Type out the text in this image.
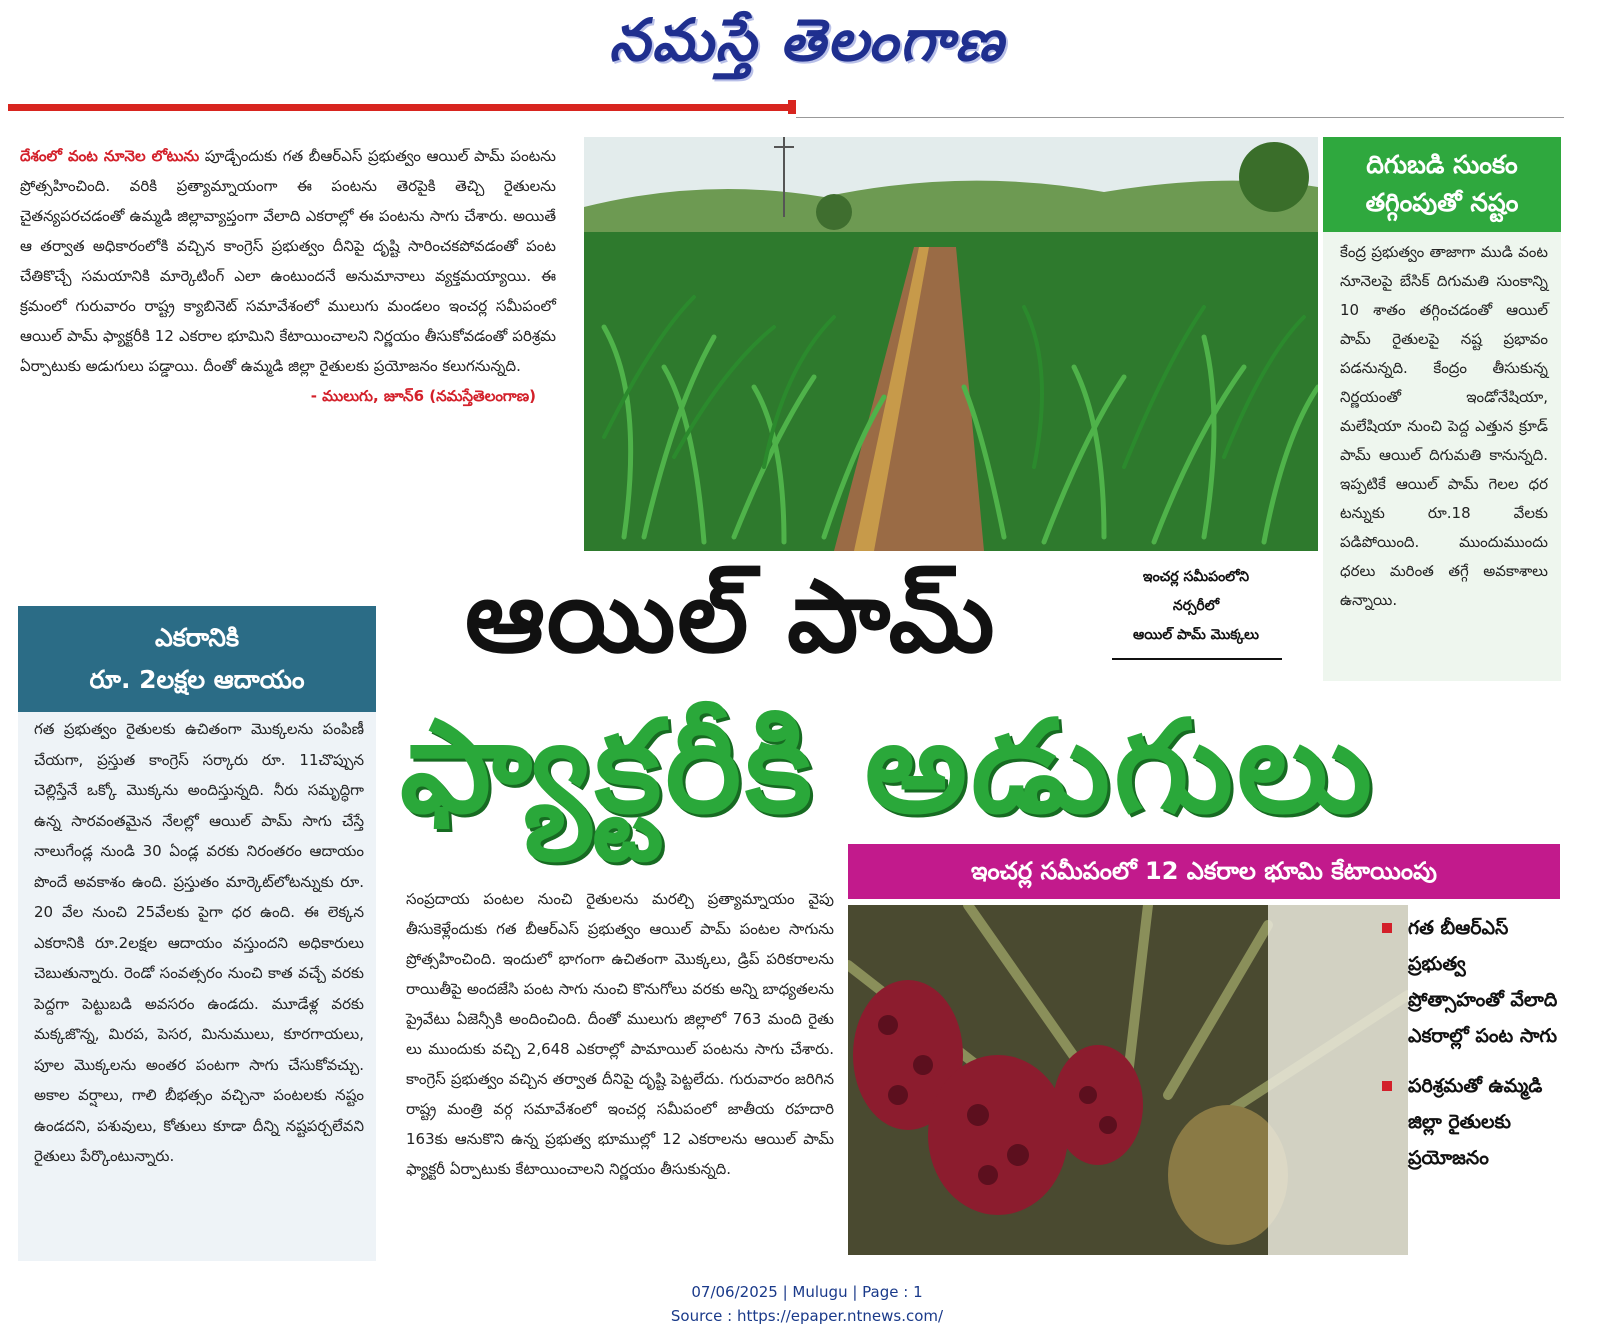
నమస్తే తెలంగాణ
దేశంలో వంట నూనెల లోటును పూడ్చేందుకు గత బీఆర్‌ఎస్ ప్రభుత్వం ఆయిల్ పామ్ పంటను ప్రోత్సహించింది. వరికి ప్రత్యామ్నాయంగా ఈ పంటను తెరపైకి తెచ్చి రైతులను చైతన్యపరచడంతో ఉమ్మడి జిల్లావ్యాప్తంగా వేలాది ఎకరాల్లో ఈ పంటను సాగు చేశారు. అయితే ఆ తర్వాత అధికారంలోకి వచ్చిన కాంగ్రెస్ ప్రభుత్వం దీనిపై దృష్టి సారించకపోవడంతో పంట చేతికొచ్చే సమయానికి మార్కెటింగ్ ఎలా ఉంటుందనే అనుమానాలు వ్యక్తమయ్యాయి. ఈ క్రమంలో గురువారం రాష్ట్ర క్యాబినెట్ సమావేశంలో ములుగు మండలం ఇంచర్ల సమీపంలో ఆయిల్ పామ్ ఫ్యాక్టరీకి 12 ఎకరాల భూమిని కేటాయించాలని నిర్ణయం తీసుకోవడంతో పరిశ్రమ ఏర్పాటుకు అడుగులు పడ్డాయి. దీంతో ఉమ్మడి జిల్లా రైతులకు ప్రయోజనం కలుగనున్నది.
- ములుగు, జూన్6 (నమస్తేతెలంగాణ)
దిగుబడి సుంకం
తగ్గింపుతో నష్టం
కేంద్ర ప్రభుత్వం తాజాగా ముడి వంట నూనెలపై బేసిక్ దిగుమతి సుంకాన్ని 10 శాతం తగ్గించడంతో ఆయిల్ పామ్ రైతులపై నష్ట ప్రభావం పడనున్నది. కేంద్రం తీసుకున్న నిర్ణయంతో ఇండోనేషియా, మలేషియా నుంచి పెద్ద ఎత్తున క్రూడ్ పామ్ ఆయిల్ దిగుమతి కానున్నది. ఇప్పటికే ఆయిల్ పామ్ గెలల ధర టన్నుకు రూ.18 వేలకు పడిపోయింది. ముందుముందు ధరలు మరింత తగ్గే అవకాశాలు ఉన్నాయి.
ఆయిల్ పామ్
ఫ్యాక్టరీకి అడుగులు
ఇంచర్ల సమీపంలోని
నర్సరీలో
ఆయిల్ పామ్ మొక్కలు
ఎకరానికి
రూ. 2లక్షల ఆదాయం
గత ప్రభుత్వం రైతులకు ఉచితంగా మొక్కలను పంపిణీ చేయగా, ప్రస్తుత కాంగ్రెస్ సర్కారు రూ. 11చొప్పున చెల్లిస్తేనే ఒక్కో మొక్కను అందిస్తున్నది. నీరు సమృద్ధిగా ఉన్న సారవంతమైన నేలల్లో ఆయిల్ పామ్ సాగు చేస్తే నాలుగేండ్ల నుండి 30 ఏండ్ల వరకు నిరంతరం ఆదాయం పొందే అవకాశం ఉంది. ప్రస్తుతం మార్కెట్‌లోటన్నుకు రూ. 20 వేల నుంచి 25వేలకు పైగా ధర ఉంది. ఈ లెక్కన ఎకరానికి రూ.2లక్షల ఆదాయం వస్తుందని అధికారులు చెబుతున్నారు. రెండో సంవత్సరం నుంచి కాత వచ్చే వరకు పెద్దగా పెట్టుబడి అవసరం ఉండదు. మూడేళ్ల వరకు మక్కజొన్న, మిరప, పెసర, మినుములు, కూరగాయలు, పూల మొక్కలను అంతర పంటగా సాగు చేసుకోవచ్చు. అకాల వర్షాలు, గాలి బీభత్సం వచ్చినా పంటలకు నష్టం ఉండదని, పశువులు, కోతులు కూడా దీన్ని నష్టపర్చలేవని రైతులు పేర్కొంటున్నారు.
ఇంచర్ల సమీపంలో 12 ఎకరాల భూమి కేటాయింపు
సంప్రదాయ పంటల నుంచి రైతులను మరల్చి ప్రత్యామ్నాయం వైపు తీసుకెళ్లేందుకు గత బీఆర్‌ఎస్ ప్రభుత్వం ఆయిల్ పామ్ పంటల సాగును ప్రోత్సహించింది. ఇందులో భాగంగా ఉచితంగా మొక్కలు, డ్రిప్ పరికరాలను రాయితీపై అందజేసి పంట సాగు నుంచి కొనుగోలు వరకు అన్ని బాధ్యతలను ప్రైవేటు ఏజెన్సీకి అందించింది. దీంతో ములుగు జిల్లాలో 763 మంది రైతు లు ముందుకు వచ్చి 2,648 ఎకరాల్లో పామాయిల్ పంటను సాగు చేశారు. కాంగ్రెస్ ప్రభుత్వం వచ్చిన తర్వాత దీనిపై దృష్టి పెట్టలేదు. గురువారం జరిగిన రాష్ట్ర మంత్రి వర్గ సమావేశంలో ఇంచర్ల సమీపంలో జాతీయ రహదారి 163కు ఆనుకొని ఉన్న ప్రభుత్వ భూముల్లో 12 ఎకరాలను ఆయిల్ పామ్ ఫ్యాక్టరీ ఏర్పాటుకు కేటాయించాలని నిర్ణయం తీసుకున్నది.
గత బీఆర్‌ఎస్ ప్రభుత్వ ప్రోత్సాహంతో వేలాది ఎకరాల్లో పంట సాగు
పరిశ్రమతో ఉమ్మడి జిల్లా రైతులకు ప్రయోజనం
07/06/2025 | Mulugu | Page : 1
Source : https://epaper.ntnews.com/
